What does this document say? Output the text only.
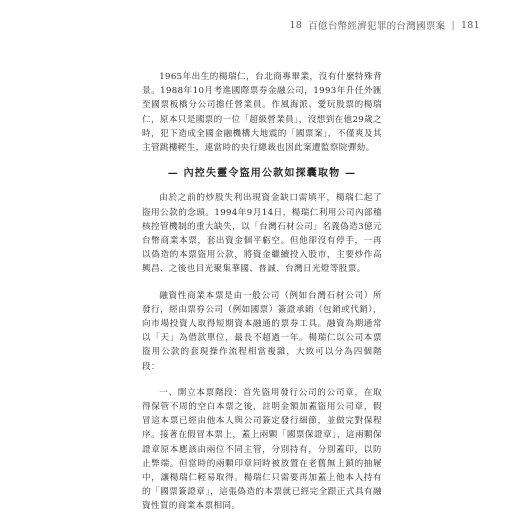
18 百億台幣經濟犯罪的台灣國票案 | 181

1965年出生的楊瑞仁，台北商專畢業，沒有什麼特殊背景。1988年10月考進國際票券金融公司，1993年升任外匯至國票板橋分公司擔任營業員。作風海派、愛玩股票的楊瑞仁，原本只是國票的一位「超級營業員」，沒想到在他29歲之時，犯下造成全國金融機構大地震的「國票案」，不僅爽及其主管跳樓輕生，連當時的央行總裁也因此案遭監察院彈劾。

— 內控失靈令盜用公款如探囊取物 —

由於之前的炒股失利出現資金缺口需填平，楊瑞仁起了盜用公款的念頭。1994年9月14日，楊瑞仁利用公司內部稽核控管機制的重大缺失，以「台灣石材公司」名義偽造3億元台幣商業本票，套出資金個平虧空。但他卻沒有停手，一再以偽造的本票盜用公款，將資金繼續投入股市，主要炒作高興昌、之後也目光聚集華國、普誠、台灣日光燈等股票。

融資性商業本票是由一般公司（例如台灣石材公司）所發行，經由票券公司（例如國票）簽證承銷（包銷或代銷），向市場投資人取得短期資本融通的票券工具。融資為期通常以「天」為借款單位，最長不超過一年。楊瑞仁以公司本票盜用公款的套現操作流程相當複雜，大致可以分為四個階段：

一、開立本票階段：首先盜用發行公司的公司章，在取得保管不周的空白本票之後，註明金額加蓋盜用公司章，假冒這本票已經由他本人與公司簽定發行細節，並做完對保程序。接著在假冒本票上，蓋上兩顆「國票保證章」，這兩顆保證章原本應該由兩位不同主管，分別持有，分別蓋印，以防止弊端。但當時的兩顆印章同時被放置在老舊無上鎖的抽屜中，讓楊瑞仁輕易取得。楊瑞仁只需要再加蓋上他本人持有的「國票簽證章」，這張偽造的本票就已經完全跟正式具有融資性質的商業本票相同。
